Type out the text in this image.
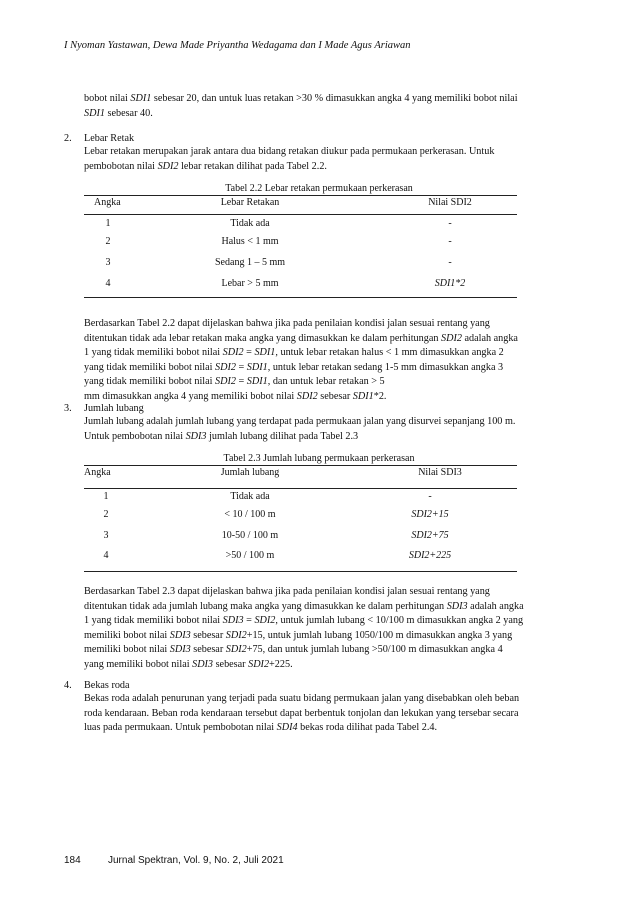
I Nyoman Yastawan, Dewa Made Priyantha Wedagama dan I Made Agus Ariawan
bobot nilai SDI1 sebesar 20, dan untuk luas retakan >30 % dimasukkan angka 4 yang memiliki bobot nilai
SDI1 sebesar 40.
2. Lebar Retak
Lebar retakan merupakan jarak antara dua bidang retakan diukur pada permukaan perkerasan. Untuk
pembobotan nilai SDI2 lebar retakan dilihat pada Tabel 2.2.
Tabel 2.2 Lebar retakan permukaan perkerasan
Angka	Lebar Retakan	Nilai SDI2
1	Tidak ada	-
2	Halus < 1 mm	-
3	Sedang 1 – 5 mm	-
4	Lebar > 5 mm	SDI1*2
Berdasarkan Tabel 2.2 dapat dijelaskan bahwa jika pada penilaian kondisi jalan sesuai rentang yang
ditentukan tidak ada lebar retakan maka angka yang dimasukkan ke dalam perhitungan SDI2 adalah angka
1 yang tidak memiliki bobot nilai SDI2 = SDI1, untuk lebar retakan halus < 1 mm dimasukkan angka 2
yang tidak memiliki bobot nilai SDI2 = SDI1, untuk lebar retakan sedang 1-5 mm dimasukkan angka 3
yang tidak memiliki bobot nilai SDI2 = SDI1, dan untuk lebar retakan > 5
mm dimasukkan angka 4 yang memiliki bobot nilai SDI2 sebesar SDI1*2.
3. Jumlah lubang
Jumlah lubang adalah jumlah lubang yang terdapat pada permukaan jalan yang disurvei sepanjang 100 m.
Untuk pembobotan nilai SDI3 jumlah lubang dilihat pada Tabel 2.3
Tabel 2.3 Jumlah lubang permukaan perkerasan
Angka	Jumlah lubang	Nilai SDI3
1	Tidak ada	-
2	< 10 / 100 m	SDI2+15
3	10-50 / 100 m	SDI2+75
4	>50 / 100 m	SDI2+225
Berdasarkan Tabel 2.3 dapat dijelaskan bahwa jika pada penilaian kondisi jalan sesuai rentang yang
ditentukan tidak ada jumlah lubang maka angka yang dimasukkan ke dalam perhitungan SDI3 adalah angka
1 yang tidak memiliki bobot nilai SDI3 = SDI2, untuk jumlah lubang < 10/100 m dimasukkan angka 2 yang
memiliki bobot nilai SDI3 sebesar SDI2+15, untuk jumlah lubang 1050/100 m dimasukkan angka 3 yang
memiliki bobot nilai SDI3 sebesar SDI2+75, dan untuk jumlah lubang >50/100 m dimasukkan angka 4
yang memiliki bobot nilai SDI3 sebesar SDI2+225.
4. Bekas roda
Bekas roda adalah penurunan yang terjadi pada suatu bidang permukaan jalan yang disebabkan oleh beban
roda kendaraan. Beban roda kendaraan tersebut dapat berbentuk tonjolan dan lekukan yang tersebar secara
luas pada permukaan. Untuk pembobotan nilai SDI4 bekas roda dilihat pada Tabel 2.4.
184	Jurnal Spektran, Vol. 9, No. 2, Juli 2021
